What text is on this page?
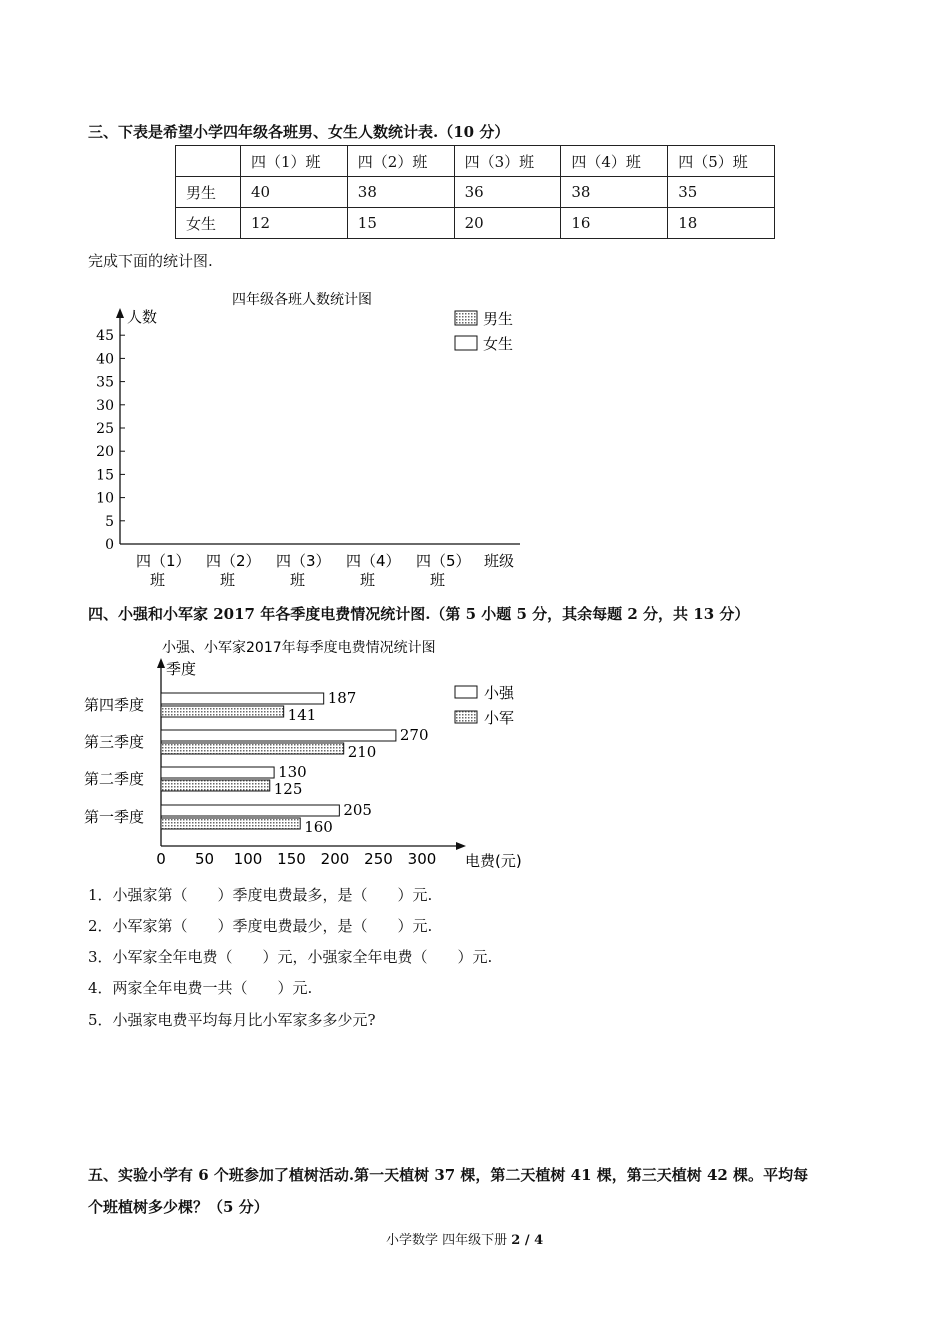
三、下表是希望小学四年级各班男、女生人数统计表.（10 分）
	四（1）班	四（2）班	四（3）班	四（4）班	四（5）班
男生	40	38	36	38	35
女生	12	15	20	16	18
完成下面的统计图.
四年级各班人数统计图
人数
0
5
10
15
20
25
30
35
40
45
四（1）
班
四（2）
班
四（3）
班
四（4）
班
四（5）
班
班级
男生
女生
四、小强和小军家 2017 年各季度电费情况统计图.（第 5 小题 5 分，其余每题 2 分，共 13 分）
小强、小军家2017年每季度电费情况统计图
季度
187
141
270
210
130
125
205
160
第四季度
第三季度
第二季度
第一季度
0 50 100 150 200 250 300 电费(元)
小强
小军
1．小强家第（　　）季度电费最多，是（　　）元.
2．小军家第（　　）季度电费最少，是（　　）元.
3．小军家全年电费（　　）元，小强家全年电费（　　）元.
4．两家全年电费一共（　　）元.
5．小强家电费平均每月比小军家多多少元?
五、实验小学有 6 个班参加了植树活动.第一天植树 37 棵，第二天植树 41 棵，第三天植树 42 棵。平均每
个班植树多少棵？（5 分）
小学数学 四年级下册 2 / 4
